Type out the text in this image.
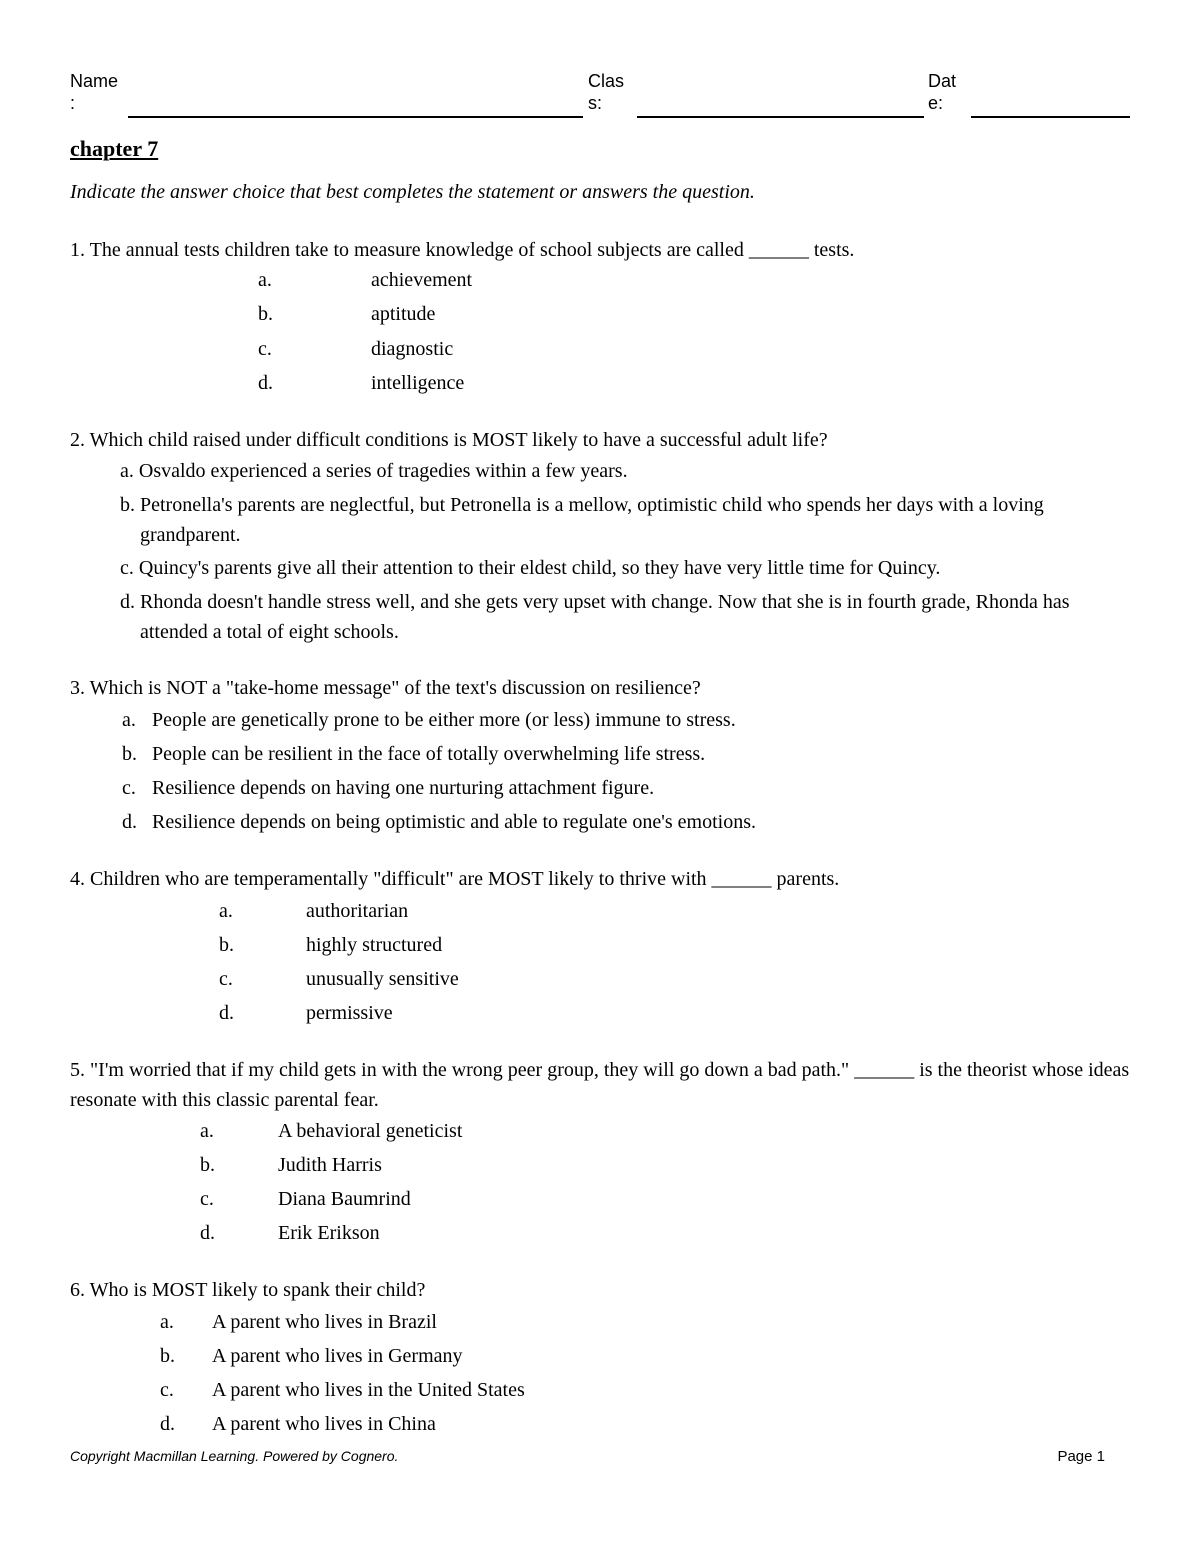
Name
:
Clas
s:
Dat
e:
chapter 7
Indicate the answer choice that best completes the statement or answers the question.
1. The annual tests children take to measure knowledge of school subjects are called ______ tests.
a.	achievement
b.	aptitude
c.	diagnostic
d.	intelligence
2. Which child raised under difficult conditions is MOST likely to have a successful adult life?
a. Osvaldo experienced a series of tragedies within a few years.
b. Petronella's parents are neglectful, but Petronella is a mellow, optimistic child who spends her days with a loving grandparent.
c. Quincy's parents give all their attention to their eldest child, so they have very little time for Quincy.
d. Rhonda doesn't handle stress well, and she gets very upset with change. Now that she is in fourth grade, Rhonda has attended a total of eight schools.
3. Which is NOT a "take-home message" of the text's discussion on resilience?
a. People are genetically prone to be either more (or less) immune to stress.
b. People can be resilient in the face of totally overwhelming life stress.
c. Resilience depends on having one nurturing attachment figure.
d. Resilience depends on being optimistic and able to regulate one's emotions.
4. Children who are temperamentally "difficult" are MOST likely to thrive with ______ parents.
a.	authoritarian
b.	highly structured
c.	unusually sensitive
d.	permissive
5. "I'm worried that if my child gets in with the wrong peer group, they will go down a bad path." ______ is the theorist whose ideas resonate with this classic parental fear.
a.	A behavioral geneticist
b.	Judith Harris
c.	Diana Baumrind
d.	Erik Erikson
6. Who is MOST likely to spank their child?
a. A parent who lives in Brazil
b. A parent who lives in Germany
c. A parent who lives in the United States
d. A parent who lives in China
Copyright Macmillan Learning. Powered by Cognero.	Page 1
